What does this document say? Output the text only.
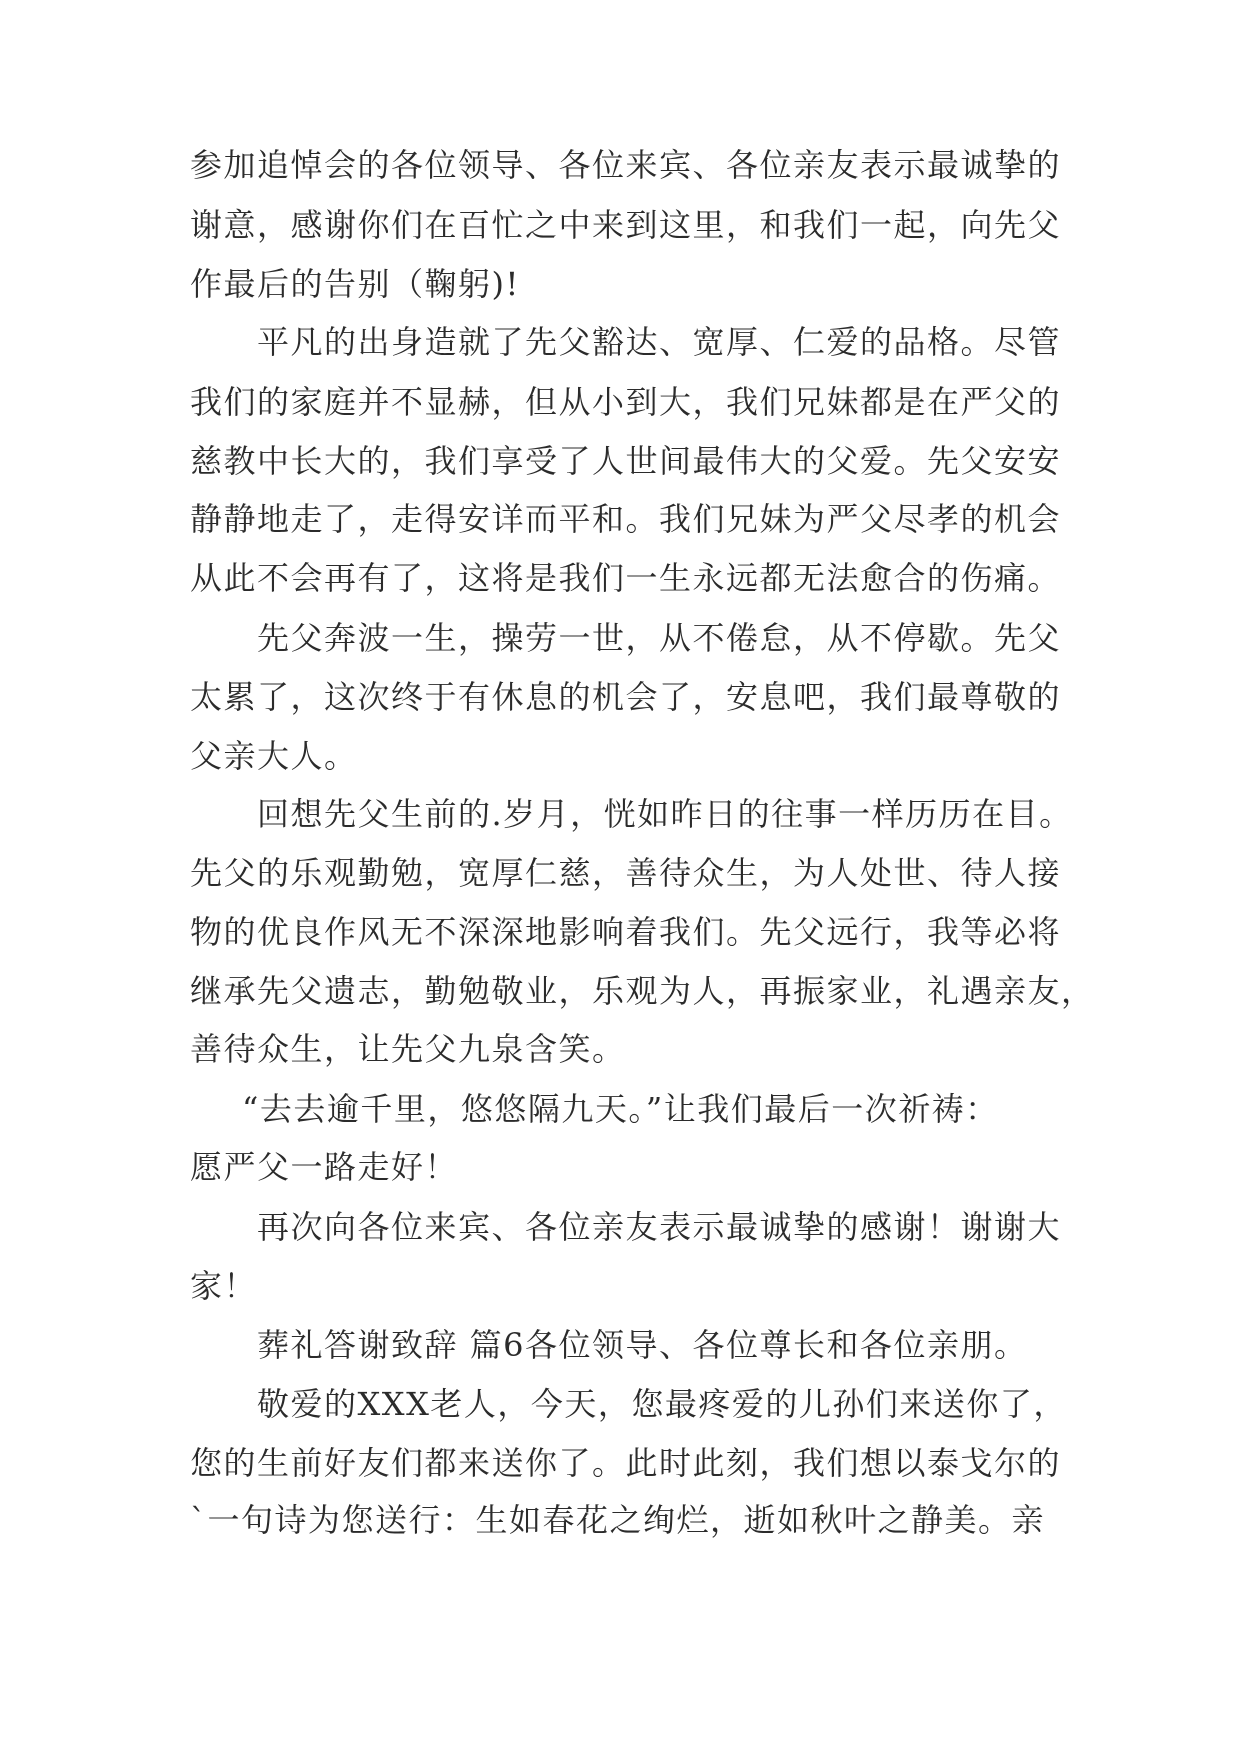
参加追悼会的各位领导、各位来宾、各位亲友表示最诚挚的
谢意，感谢你们在百忙之中来到这里，和我们一起，向先父
作最后的告别（鞠躬)!
平凡的出身造就了先父豁达、宽厚、仁爱的品格。尽管
我们的家庭并不显赫，但从小到大，我们兄妹都是在严父的
慈教中长大的，我们享受了人世间最伟大的父爱。先父安安
静静地走了，走得安详而平和。我们兄妹为严父尽孝的机会
从此不会再有了，这将是我们一生永远都无法愈合的伤痛。
先父奔波一生，操劳一世，从不倦怠，从不停歇。先父
太累了，这次终于有休息的机会了，安息吧，我们最尊敬的
父亲大人。
回想先父生前的.岁月，恍如昨日的往事一样历历在目。
先父的乐观勤勉，宽厚仁慈，善待众生，为人处世、待人接
物的优良作风无不深深地影响着我们。先父远行，我等必将
继承先父遗志，勤勉敬业，乐观为人，再振家业，礼遇亲友，
善待众生，让先父九泉含笑。
“去去逾千里，悠悠隔九天。”让我们最后一次祈祷：
愿严父一路走好！
再次向各位来宾、各位亲友表示最诚挚的感谢！谢谢大
家！
葬礼答谢致辞 篇6各位领导、各位尊长和各位亲朋。
敬爱的XXX老人，今天，您最疼爱的儿孙们来送你了，
您的生前好友们都来送你了。此时此刻，我们想以泰戈尔的
`一句诗为您送行：生如春花之绚烂，逝如秋叶之静美。亲
